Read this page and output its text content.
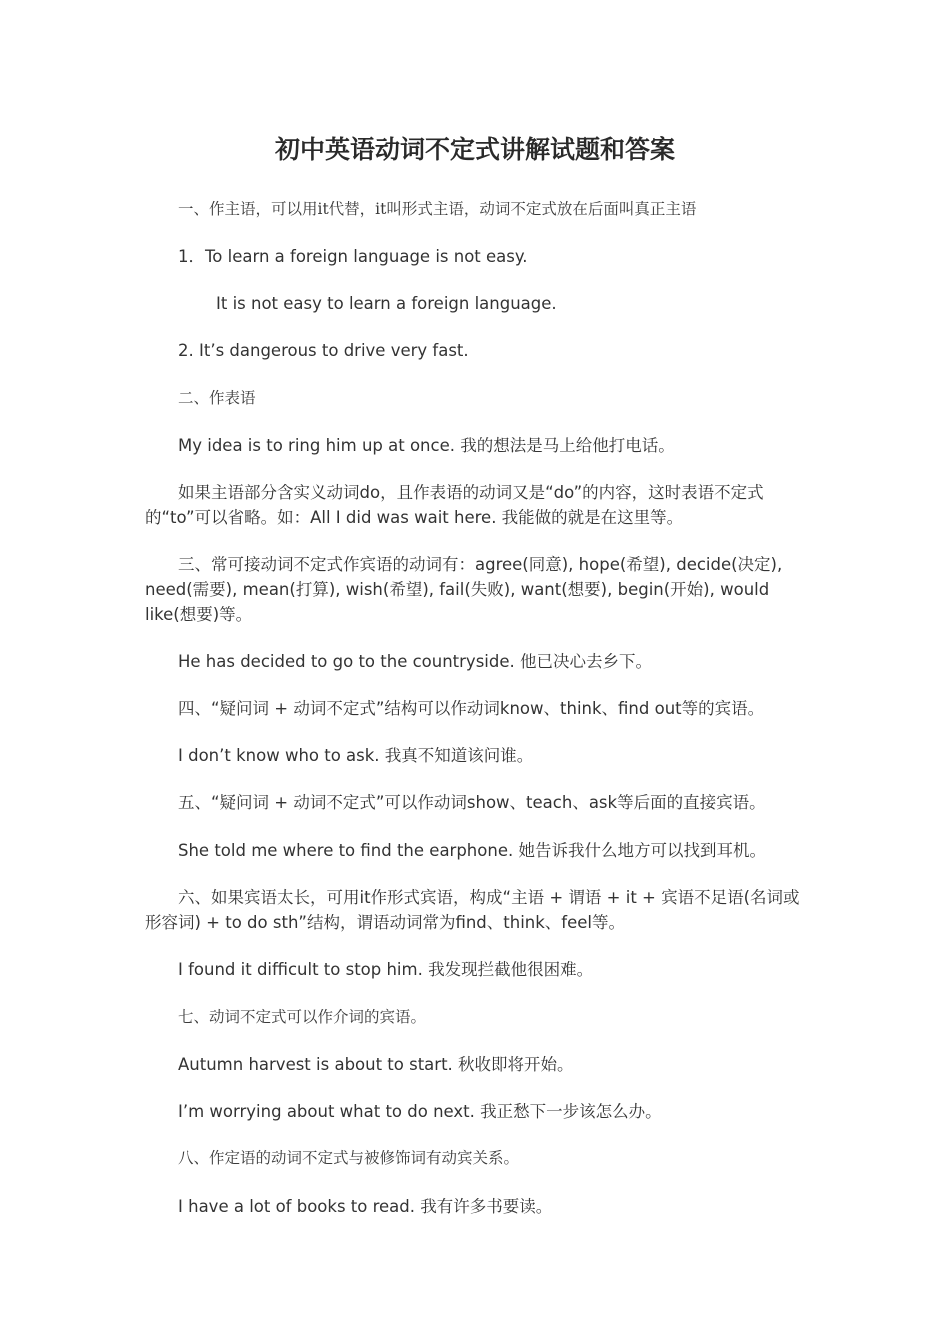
初中英语动词不定式讲解试题和答案

一、作主语，可以用it代替，it叫形式主语，动词不定式放在后面叫真正主语

1．To learn a foreign language is not easy.

It is not easy to learn a foreign language.

2. It’s dangerous to drive very fast.

二、作表语

My idea is to ring him up at once. 我的想法是马上给他打电话。

如果主语部分含实义动词do，且作表语的动词又是“do”的内容，这时表语不定式的“to”可以省略。如：All I did was wait here. 我能做的就是在这里等。

三、常可接动词不定式作宾语的动词有：agree(同意), hope(希望), decide(决定), need(需要), mean(打算), wish(希望), fail(失败), want(想要), begin(开始), would like(想要)等。

He has decided to go to the countryside. 他已决心去乡下。

四、“疑问词 + 动词不定式”结构可以作动词know、think、find out等的宾语。

I don’t know who to ask. 我真不知道该问谁。

五、“疑问词 + 动词不定式”可以作动词show、teach、ask等后面的直接宾语。

She told me where to find the earphone. 她告诉我什么地方可以找到耳机。

六、如果宾语太长，可用it作形式宾语，构成“主语 + 谓语 + it + 宾语不足语(名词或形容词) + to do sth”结构，谓语动词常为find、think、feel等。

I found it difficult to stop him. 我发现拦截他很困难。

七、动词不定式可以作介词的宾语。

Autumn harvest is about to start. 秋收即将开始。

I’m worrying about what to do next. 我正愁下一步该怎么办。

八、作定语的动词不定式与被修饰词有动宾关系。

I have a lot of books to read. 我有许多书要读。
